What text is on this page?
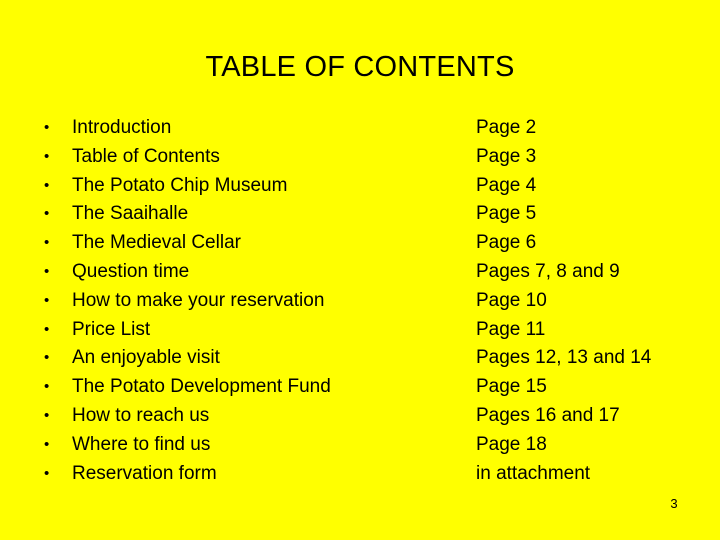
TABLE OF CONTENTS
•
•
•
•
•
•
•
•
•
•
•
•
•
Introduction
Table of Contents
The Potato Chip Museum
The Saaihalle
The Medieval Cellar
Question time
How to make your reservation
Price List
An enjoyable visit
The Potato Development Fund
How to reach us
Where to find us
Reservation form
Page 2
Page 3
Page 4
Page 5
Page 6
Pages 7, 8 and 9
Page 10
Page 11
Pages 12, 13 and 14
Page 15
Pages 16 and 17
Page 18
in attachment
3
